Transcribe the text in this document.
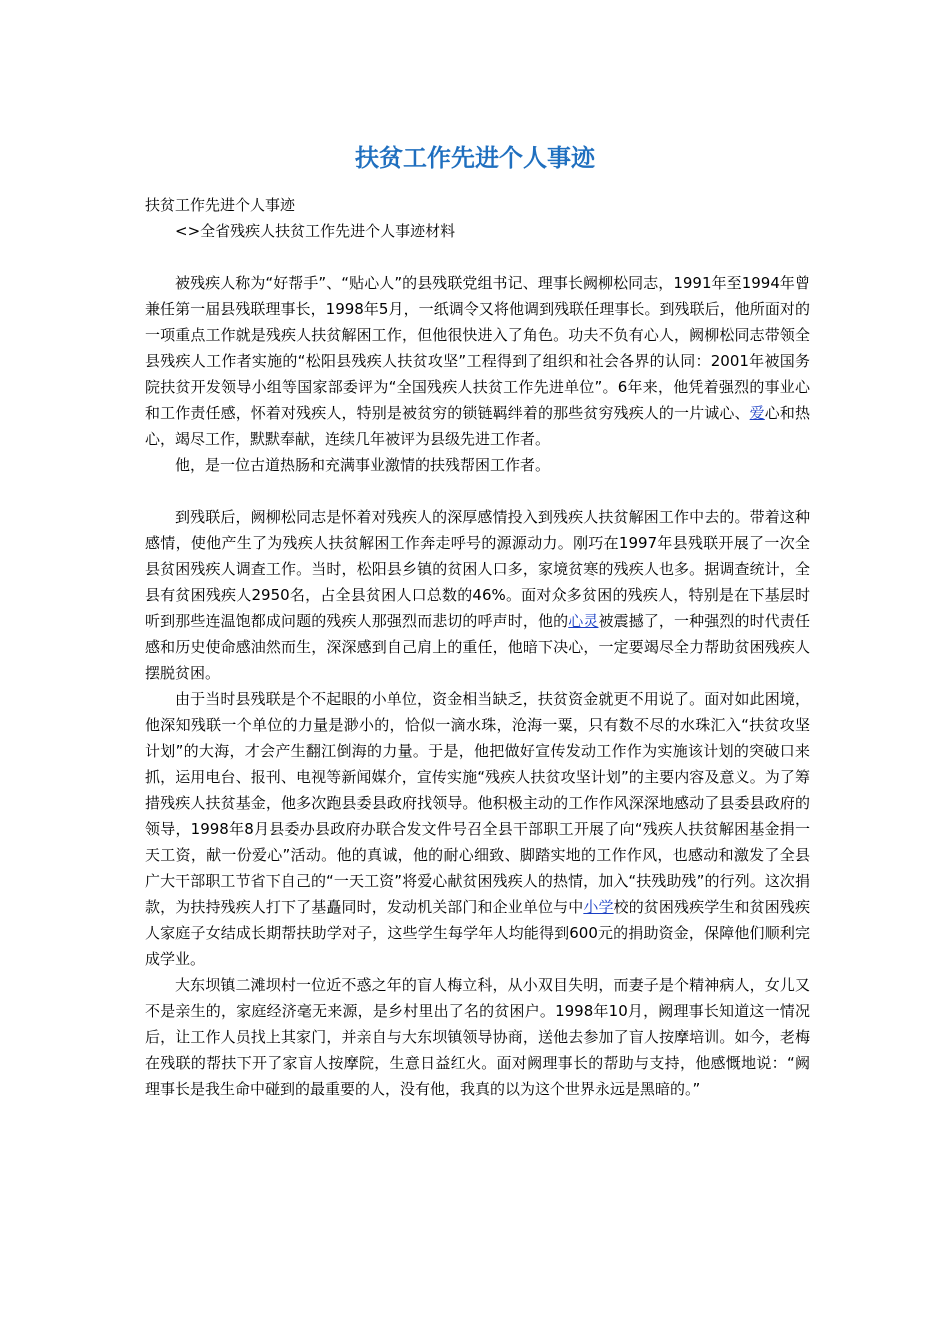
扶贫工作先进个人事迹

扶贫工作先进个人事迹

<>全省残疾人扶贫工作先进个人事迹材料

被残疾人称为“好帮手”、“贴心人”的县残联党组书记、理事长阙柳松同志，1991年至1994年曾兼任第一届县残联理事长，1998年5月，一纸调令又将他调到残联任理事长。到残联后，他所面对的一项重点工作就是残疾人扶贫解困工作，但他很快进入了角色。功夫不负有心人，阙柳松同志带领全县残疾人工作者实施的“松阳县残疾人扶贫攻坚”工程得到了组织和社会各界的认同：2001年被国务院扶贫开发领导小组等国家部委评为“全国残疾人扶贫工作先进单位”。6年来，他凭着强烈的事业心和工作责任感，怀着对残疾人，特别是被贫穷的锁链羁绊着的那些贫穷残疾人的一片诚心、爱心和热心，竭尽工作，默默奉献，连续几年被评为县级先进工作者。

他，是一位古道热肠和充满事业激情的扶残帮困工作者。

到残联后，阙柳松同志是怀着对残疾人的深厚感情投入到残疾人扶贫解困工作中去的。带着这种感情，使他产生了为残疾人扶贫解困工作奔走呼号的源源动力。刚巧在1997年县残联开展了一次全县贫困残疾人调查工作。当时，松阳县乡镇的贫困人口多，家境贫寒的残疾人也多。据调查统计，全县有贫困残疾人2950名，占全县贫困人口总数的46%。面对众多贫困的残疾人，特别是在下基层时听到那些连温饱都成问题的残疾人那强烈而悲切的呼声时，他的心灵被震撼了，一种强烈的时代责任感和历史使命感油然而生，深深感到自己肩上的重任，他暗下决心，一定要竭尽全力帮助贫困残疾人摆脱贫困。

由于当时县残联是个不起眼的小单位，资金相当缺乏，扶贫资金就更不用说了。面对如此困境，他深知残联一个单位的力量是渺小的，恰似一滴水珠，沧海一粟，只有数不尽的水珠汇入“扶贫攻坚计划”的大海，才会产生翻江倒海的力量。于是，他把做好宣传发动工作作为实施该计划的突破口来抓，运用电台、报刊、电视等新闻媒介，宣传实施“残疾人扶贫攻坚计划”的主要内容及意义。为了筹措残疾人扶贫基金，他多次跑县委县政府找领导。他积极主动的工作作风深深地感动了县委县政府的领导，1998年8月县委办县政府办联合发文件号召全县干部职工开展了向“残疾人扶贫解困基金捐一天工资，献一份爱心”活动。他的真诚，他的耐心细致、脚踏实地的工作作风，也感动和激发了全县广大干部职工节省下自己的“一天工资”将爱心献贫困残疾人的热情，加入“扶残助残”的行列。这次捐款，为扶持残疾人打下了基矗同时，发动机关部门和企业单位与中小学校的贫困残疾学生和贫困残疾人家庭子女结成长期帮扶助学对子，这些学生每学年人均能得到600元的捐助资金，保障他们顺利完成学业。

大东坝镇二滩坝村一位近不惑之年的盲人梅立科，从小双目失明，而妻子是个精神病人，女儿又不是亲生的，家庭经济毫无来源，是乡村里出了名的贫困户。1998年10月，阙理事长知道这一情况后，让工作人员找上其家门，并亲自与大东坝镇领导协商，送他去参加了盲人按摩培训。如今，老梅在残联的帮扶下开了家盲人按摩院，生意日益红火。面对阙理事长的帮助与支持，他感慨地说：“阙理事长是我生命中碰到的最重要的人，没有他，我真的以为这个世界永远是黑暗的。”
